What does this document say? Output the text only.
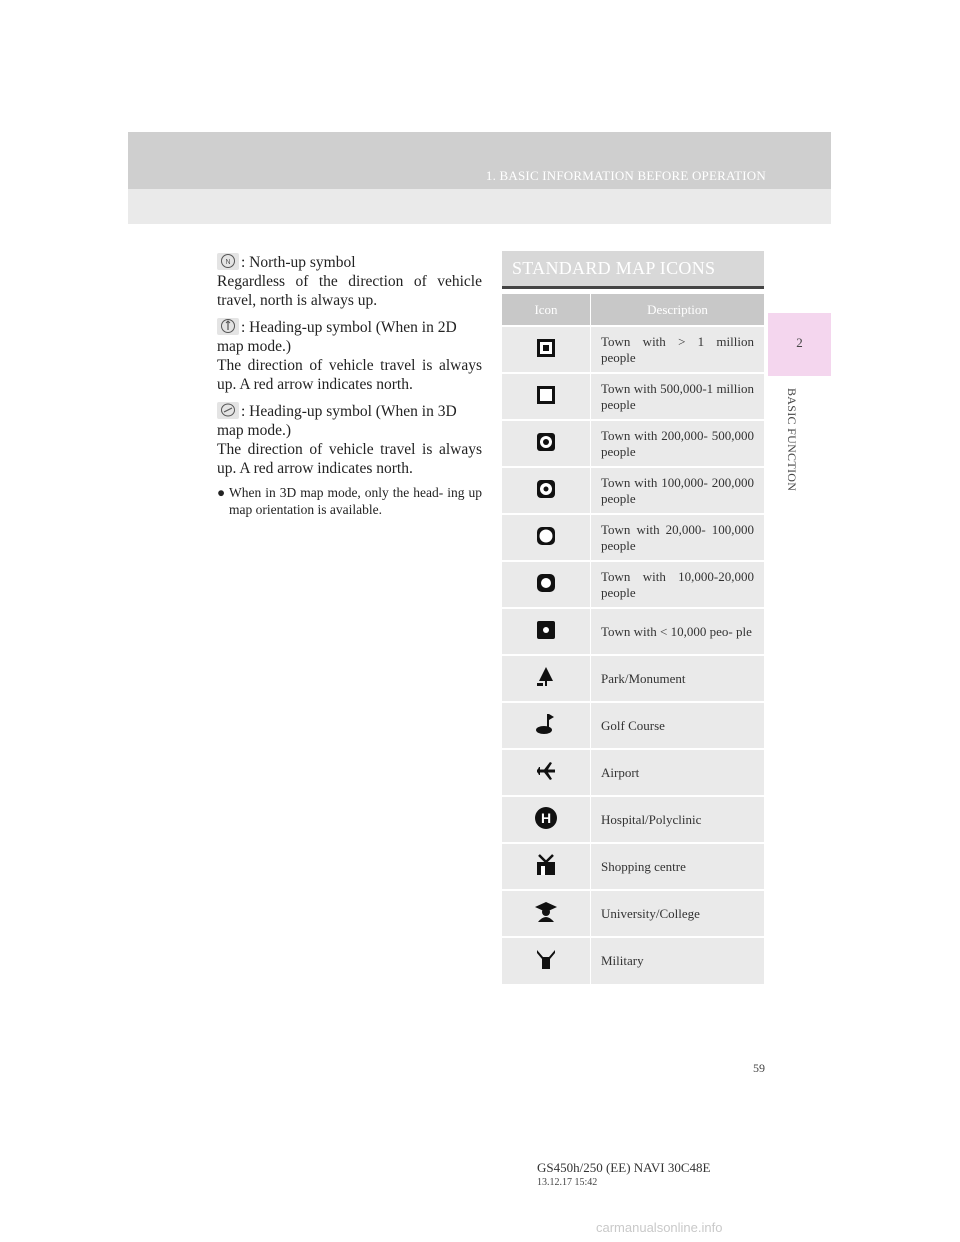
1. BASIC INFORMATION BEFORE OPERATION
2
BASIC FUNCTION
N : North-up symbol

Regardless of the direction of vehicle travel, north is always up.

: Heading-up symbol (When in 2D map mode.)

The direction of vehicle travel is always up. A red arrow indicates north.

: Heading-up symbol (When in 3D map mode.)

The direction of vehicle travel is always up. A red arrow indicates north.

● When in 3D map mode, only the head- ing up map orientation is available.
STANDARD MAP ICONS
Icon	Description
	Town with > 1 million people
	Town with 500,000-1 million people
	Town with 200,000- 500,000 people
	Town with 100,000- 200,000 people
	Town with 20,000- 100,000 people
	Town with 10,000-20,000 people
	Town with < 10,000 peo- ple
	Park/Monument
	Golf Course
	Airport

H	Hospital/Polyclinic
	Shopping centre
	University/College
	Military
59
GS450h/250 (EE) NAVI 30C48E
13.12.17 15:42
carmanualsonline.info
